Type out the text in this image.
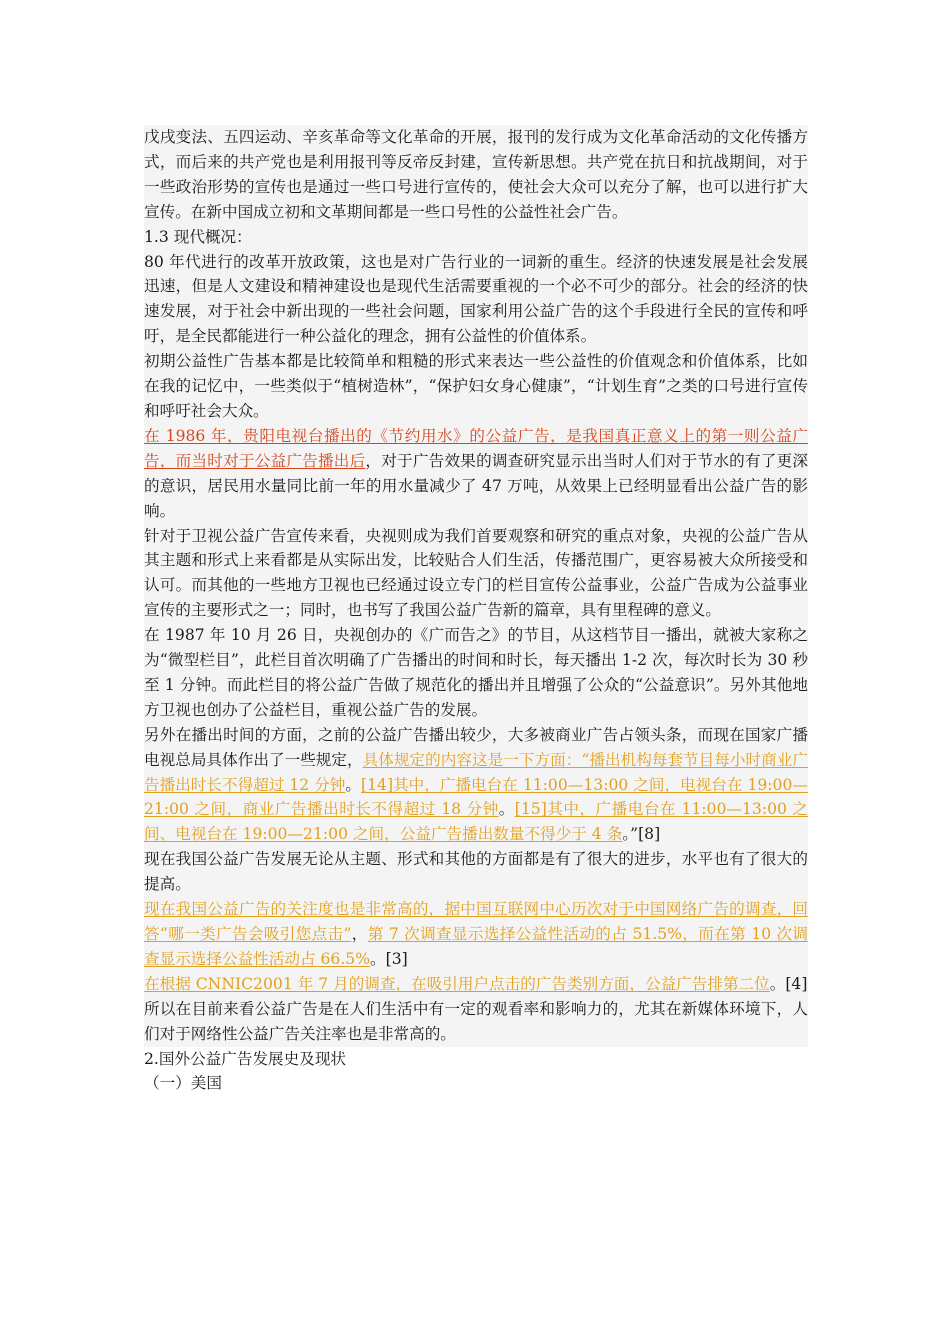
戊戌变法、五四运动、辛亥革命等文化革命的开展，报刊的发行成为文化革命活动的文化传播方式，而后来的共产党也是利用报刊等反帝反封建，宣传新思想。共产党在抗日和抗战期间，对于一些政治形势的宣传也是通过一些口号进行宣传的，使社会大众可以充分了解，也可以进行扩大宣传。在新中国成立初和文革期间都是一些口号性的公益性社会广告。

1.3 现代概况：

80 年代进行的改革开放政策，这也是对广告行业的一词新的重生。经济的快速发展是社会发展迅速，但是人文建设和精神建设也是现代生活需要重视的一个必不可少的部分。社会的经济的快速发展，对于社会中新出现的一些社会问题，国家利用公益广告的这个手段进行全民的宣传和呼吁，是全民都能进行一种公益化的理念，拥有公益性的价值体系。

初期公益性广告基本都是比较简单和粗糙的形式来表达一些公益性的价值观念和价值体系，比如在我的记忆中，一些类似于“植树造林”，“保护妇女身心健康”，“计划生育”之类的口号进行宣传和呼吁社会大众。

在 1986 年，贵阳电视台播出的《节约用水》的公益广告，是我国真正意义上的第一则公益广告，而当时对于公益广告播出后，对于广告效果的调查研究显示出当时人们对于节水的有了更深的意识，居民用水量同比前一年的用水量减少了 47 万吨，从效果上已经明显看出公益广告的影响。

针对于卫视公益广告宣传来看，央视则成为我们首要观察和研究的重点对象，央视的公益广告从其主题和形式上来看都是从实际出发，比较贴合人们生活，传播范围广，更容易被大众所接受和认可。而其他的一些地方卫视也已经通过设立专门的栏目宣传公益事业，公益广告成为公益事业宣传的主要形式之一；同时，也书写了我国公益广告新的篇章，具有里程碑的意义。

在 1987 年 10 月 26 日，央视创办的《广而告之》的节目，从这档节目一播出，就被大家称之为“微型栏目”，此栏目首次明确了广告播出的时间和时长，每天播出 1-2 次，每次时长为 30 秒至 1 分钟。而此栏目的将公益广告做了规范化的播出并且增强了公众的“公益意识”。另外其他地方卫视也创办了公益栏目，重视公益广告的发展。

另外在播出时间的方面，之前的公益广告播出较少，大多被商业广告占领头条，而现在国家广播电视总局具体作出了一些规定，具体规定的内容这是一下方面：“播出机构每套节目每小时商业广告播出时长不得超过 12 分钟。[14]其中，广播电台在 11:00—13:00 之间，电视台在 19:00—21:00 之间，商业广告播出时长不得超过 18 分钟。[15]其中，广播电台在 11:00—13:00 之间、电视台在 19:00—21:00 之间，公益广告播出数量不得少于 4 条。”[8]

现在我国公益广告发展无论从主题、形式和其他的方面都是有了很大的进步，水平也有了很大的提高。

现在我国公益广告的关注度也是非常高的，据中国互联网中心历次对于中国网络广告的调查，回答“哪一类广告会吸引您点击”，第 7 次调查显示选择公益性活动的占 51.5%，而在第 10 次调查显示选择公益性活动占 66.5%。[3]

在根据 CNNIC2001 年 7 月的调查，在吸引用户点击的广告类别方面，公益广告排第二位。[4]

所以在目前来看公益广告是在人们生活中有一定的观看率和影响力的，尤其在新媒体环境下，人们对于网络性公益广告关注率也是非常高的。

2.国外公益广告发展史及现状

（一）美国
